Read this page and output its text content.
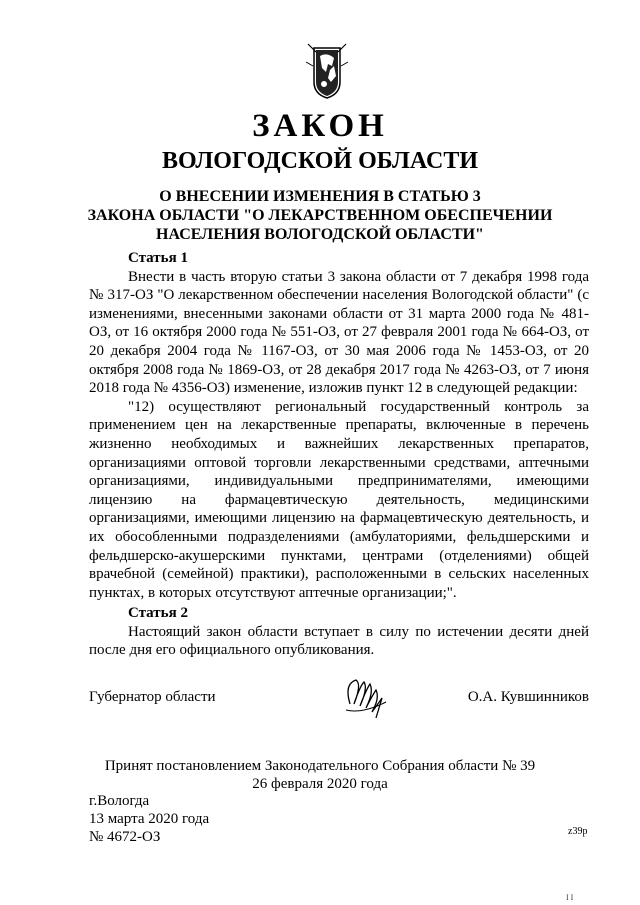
ЗАКОН
ВОЛОГОДСКОЙ ОБЛАСТИ
О ВНЕСЕНИИ ИЗМЕНЕНИЯ В СТАТЬЮ 3
ЗАКОНА ОБЛАСТИ "О ЛЕКАРСТВЕННОМ ОБЕСПЕЧЕНИИ
НАСЕЛЕНИЯ ВОЛОГОДСКОЙ ОБЛАСТИ"
Статья 1
Внести в часть вторую статьи 3 закона области от 7 декабря 1998 года № 317-ОЗ "О лекарственном обеспечении населения Вологодской области" (с изменениями, внесенными законами области от 31 марта 2000 года № 481-ОЗ, от 16 октября 2000 года № 551-ОЗ, от 27 февраля 2001 года № 664-ОЗ, от 20 декабря 2004 года № 1167-ОЗ, от 30 мая 2006 года № 1453-ОЗ, от 20 октября 2008 года № 1869-ОЗ, от 28 декабря 2017 года № 4263-ОЗ, от 7 июня 2018 года № 4356-ОЗ) изменение, изложив пункт 12 в следующей редакции:
"12) осуществляют региональный государственный контроль за применением цен на лекарственные препараты, включенные в перечень жизненно необходимых и важнейших лекарственных препаратов, организациями оптовой торговли лекарственными средствами, аптечными организациями, индивидуальными предпринимателями, имеющими лицензию на фармацевтическую деятельность, медицинскими организациями, имеющими лицензию на фармацевтическую деятельность, и их обособленными подразделениями (амбулаториями, фельдшерскими и фельдшерско-акушерскими пунктами, центрами (отделениями) общей врачебной (семейной) практики), расположенными в сельских населенных пунктах, в которых отсутствуют аптечные организации;".
Статья 2
Настоящий закон области вступает в силу по истечении десяти дней после дня его официального опубликования.
Губернатор области	О.А. Кувшинников
Принят постановлением Законодательного Собрания области № 39
26 февраля 2020 года
г.Вологда
13 марта 2020 года
№ 4672-ОЗ	z39p
I I
